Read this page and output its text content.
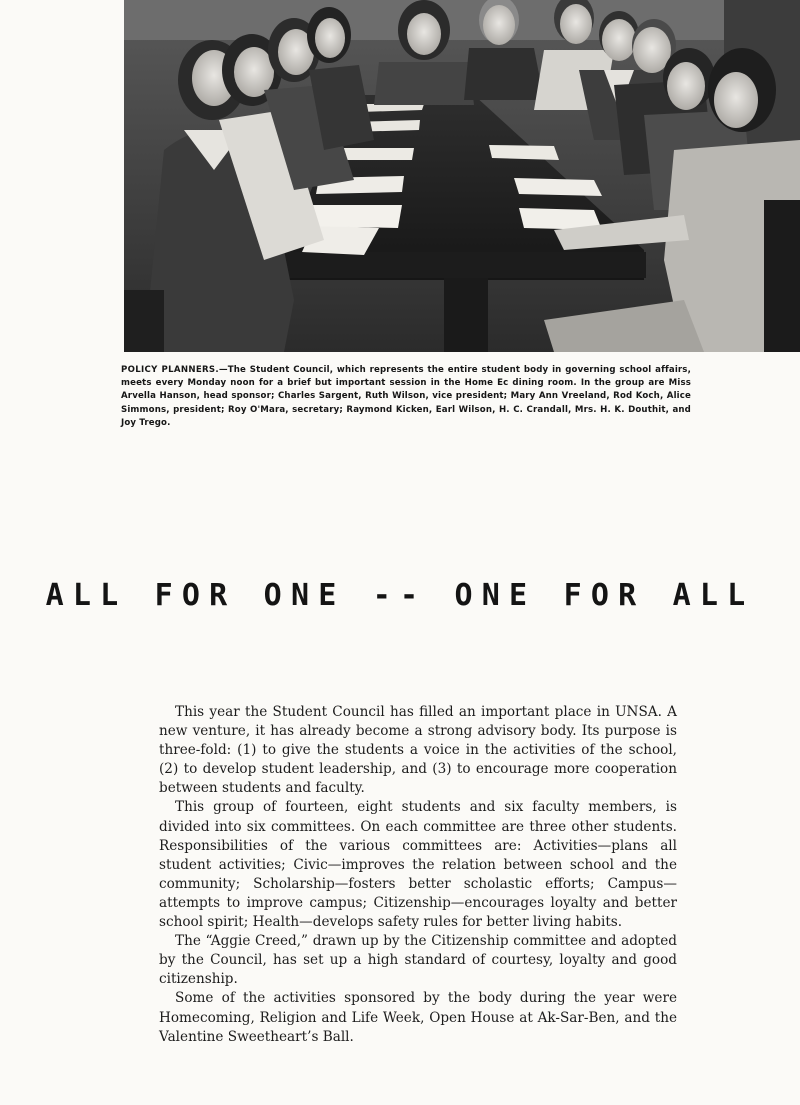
POLICY PLANNERS.—The Student Council, which represents the entire student body in governing school affairs, meets every Monday noon for a brief but important session in the Home Ec dining room. In the group are Miss Arvella Hanson, head sponsor; Charles Sargent, Ruth Wilson, vice president; Mary Ann Vreeland, Rod Koch, Alice Simmons, president; Roy O'Mara, secretary; Raymond Kicken, Earl Wilson, H. C. Crandall, Mrs. H. K. Douthit, and Joy Trego.
ALL FOR ONE -- ONE FOR ALL

This year the Student Council has filled an important place in UNSA. A new venture, it has already become a strong advisory body. Its purpose is three-fold: (1) to give the students a voice in the activities of the school, (2) to develop student leadership, and (3) to encourage more cooperation between students and faculty.

This group of fourteen, eight students and six faculty members, is divided into six committees. On each committee are three other students. Responsibilities of the various committees are: Activities—plans all student activities; Civic—improves the relation between school and the community; Scholarship—fosters better scholastic efforts; Campus—attempts to improve campus; Citizenship—encourages loyalty and better school spirit; Health—develops safety rules for better living habits.

The “Aggie Creed,” drawn up by the Citizenship committee and adopted by the Council, has set up a high standard of courtesy, loyalty and good citizenship.

Some of the activities sponsored by the body during the year were Homecoming, Religion and Life Week, Open House at Ak-Sar-Ben, and the Valentine Sweetheart’s Ball.
